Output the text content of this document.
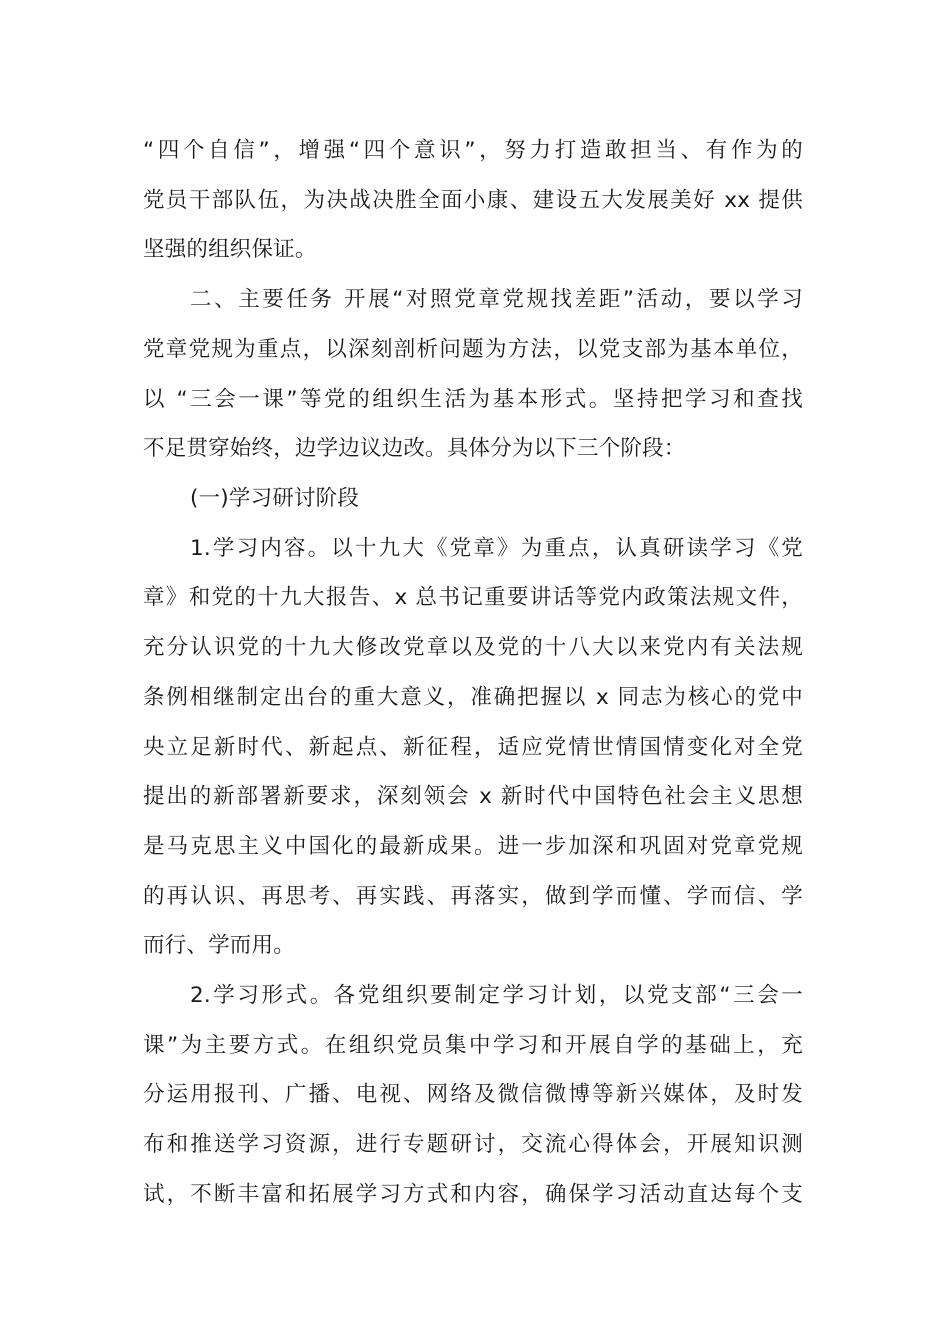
“四个自信”，增强“四个意识”，努力打造敢担当、有作为的
党员干部队伍，为决战决胜全面小康、建设五大发展美好 xx 提供
坚强的组织保证。
二、主要任务 开展“对照党章党规找差距”活动，要以学习
党章党规为重点，以深刻剖析问题为方法，以党支部为基本单位，
以 “三会一课”等党的组织生活为基本形式。坚持把学习和查找
不足贯穿始终，边学边议边改。具体分为以下三个阶段：
(一)学习研讨阶段
1.学习内容。以十九大《党章》为重点，认真研读学习《党
章》和党的十九大报告、x 总书记重要讲话等党内政策法规文件，
充分认识党的十九大修改党章以及党的十八大以来党内有关法规
条例相继制定出台的重大意义，准确把握以 x 同志为核心的党中
央立足新时代、新起点、新征程，适应党情世情国情变化对全党
提出的新部署新要求，深刻领会 x 新时代中国特色社会主义思想
是马克思主义中国化的最新成果。进一步加深和巩固对党章党规
的再认识、再思考、再实践、再落实，做到学而懂、学而信、学
而行、学而用。
2.学习形式。各党组织要制定学习计划，以党支部“三会一
课”为主要方式。在组织党员集中学习和开展自学的基础上，充
分运用报刊、广播、电视、网络及微信微博等新兴媒体，及时发
布和推送学习资源，进行专题研讨，交流心得体会，开展知识测
试，不断丰富和拓展学习方式和内容，确保学习活动直达每个支
